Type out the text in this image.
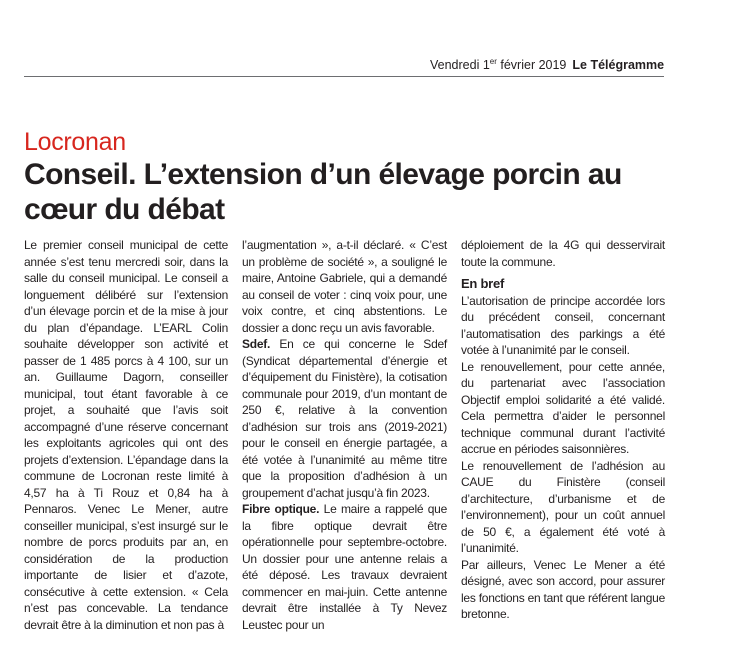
Vendredi 1er février 2019 Le Télégramme
Locronan
Conseil. L’extension d’un élevage porcin au cœur du débat

Le premier conseil municipal de cette année s’est tenu mercredi soir, dans la salle du conseil municipal. Le conseil a longuement délibéré sur l’extension d’un élevage porcin et de la mise à jour du plan d’épandage. L’EARL Colin souhaite développer son activité et passer de 1 485 porcs à 4 100, sur un an. Guillaume Dagorn, conseiller municipal, tout étant favorable à ce projet, a souhaité que l’avis soit accompagné d’une réserve concernant les exploitants agricoles qui ont des projets d’extension. L’épandage dans la commune de Locronan reste limité à 4,57 ha à Ti Rouz et 0,84 ha à Pennaros. Venec Le Mener, autre conseiller municipal, s’est insurgé sur le nombre de porcs produits par an, en considération de la production importante de lisier et d’azote, consécutive à cette extension. « Cela n’est pas concevable. La tendance devrait être à la diminution et non pas à

l’augmentation », a-t-il déclaré. « C’est un problème de société », a souligné le maire, Antoine Gabriele, qui a demandé au conseil de voter : cinq voix pour, une voix contre, et cinq abstentions. Le dossier a donc reçu un avis favorable.

Sdef. En ce qui concerne le Sdef (Syndicat départemental d’énergie et d’équipement du Finistère), la cotisation communale pour 2019, d’un montant de 250 €, relative à la convention d’adhésion sur trois ans (2019-2021) pour le conseil en énergie partagée, a été votée à l’unanimité au même titre que la proposition d’adhésion à un groupement d’achat jusqu’à fin 2023.

Fibre optique. Le maire a rappelé que la fibre optique devrait être opérationnelle pour septembre-octobre. Un dossier pour une antenne relais a été déposé. Les travaux devraient commencer en mai-juin. Cette antenne devrait être installée à Ty Nevez Leustec pour un

déploiement de la 4G qui desservirait toute la commune.

En bref

L’autorisation de principe accordée lors du précédent conseil, concernant l’automatisation des parkings a été votée à l’unanimité par le conseil.

Le renouvellement, pour cette année, du partenariat avec l’association Objectif emploi solidarité a été validé. Cela permettra d’aider le personnel technique communal durant l’activité accrue en périodes saisonnières.

Le renouvellement de l’adhésion au CAUE du Finistère (conseil d’architecture, d’urbanisme et de l’environnement), pour un coût annuel de 50 €, a également été voté à l’unanimité.

Par ailleurs, Venec Le Mener a été désigné, avec son accord, pour assurer les fonctions en tant que référent langue bretonne.
